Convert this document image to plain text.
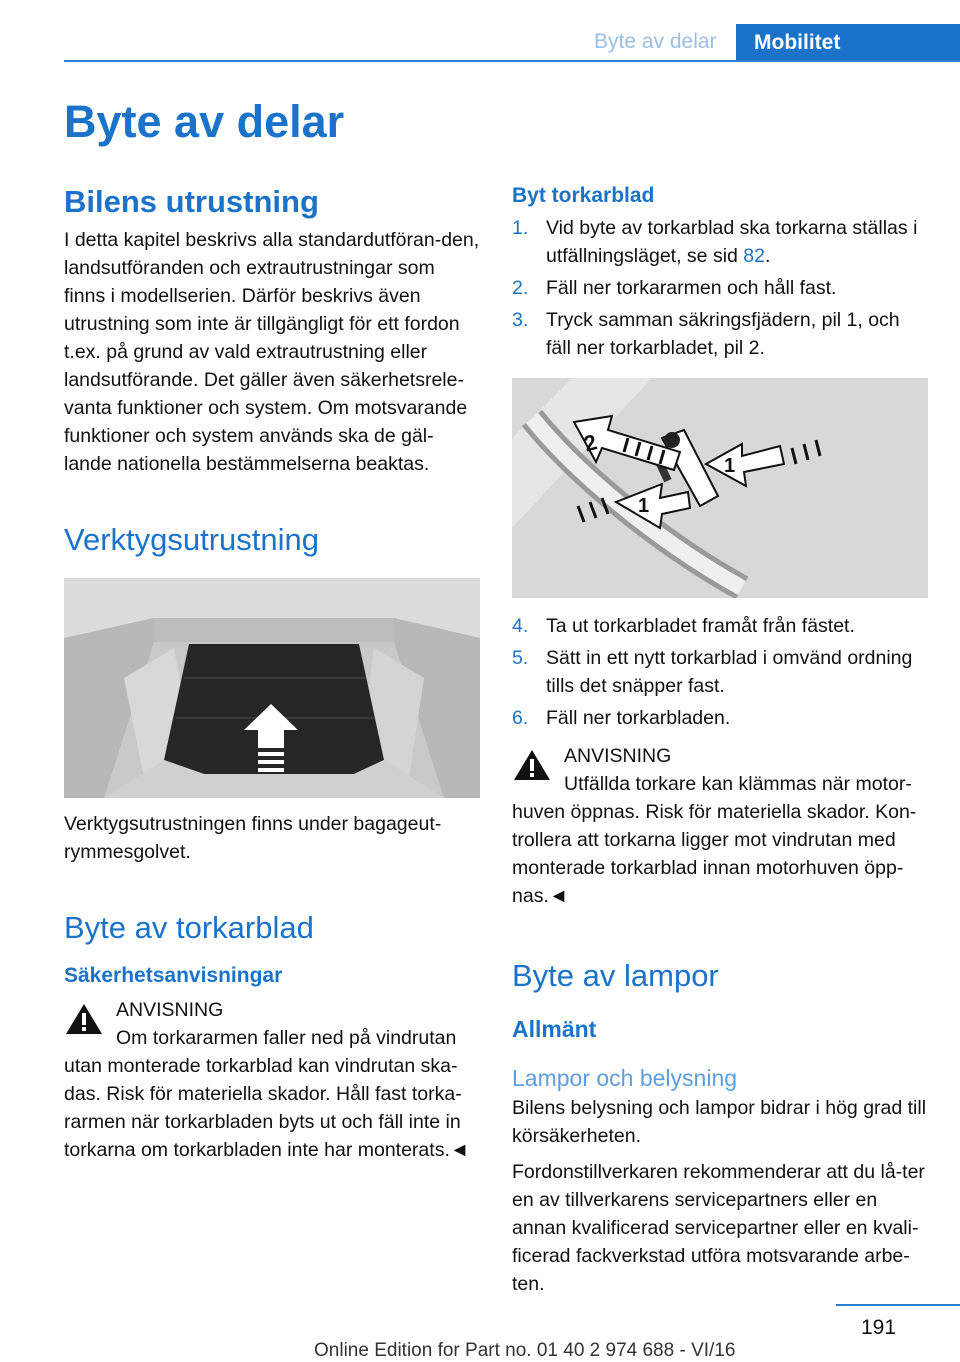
Byte av delar	Mobilitet
Byte av delar
Bilens utrustning

I detta kapitel beskrivs alla standardutföran-den, landsutföranden och extrautrustningar som finns i modellserien. Därför beskrivs även utrustning som inte är tillgängligt för ett fordon t.ex. på grund av vald extrautrustning eller landsutförande. Det gäller även säkerhetsrele-vanta funktioner och system. Om motsvarande funktioner och system används ska de gäl-lande nationella bestämmelserna beaktas.

Verktygsutrustning

Verktygsutrustningen finns under bagageut-rymmesgolvet.

Byte av torkarblad
Säkerhetsanvisningar
ANVISNING
Om torkararmen faller ned på vindrutan utan monterade torkarblad kan vindrutan ska-das. Risk för materiella skador. Håll fast torka-rarmen när torkarbladen byts ut och fäll inte in torkarna om torkarbladen inte har monterats.◄
Byt torkarblad
1. Vid byte av torkarblad ska torkarna ställas i utfällningsläget, se sid 82.
2. Fäll ner torkararmen och håll fast.
3. Tryck samman säkringsfjädern, pil 1, och fäll ner torkarbladet, pil 2.
2
1
1
4. Ta ut torkarbladet framåt från fästet.
5. Sätt in ett nytt torkarblad i omvänd ordning tills det snäpper fast.
6. Fäll ner torkarbladen.
ANVISNING
Utfällda torkare kan klämmas när motor- huven öppnas. Risk för materiella skador. Kon-trollera att torkarna ligger mot vindrutan med monterade torkarblad innan motorhuven öpp-nas.◄
Byte av lampor
Allmänt
Lampor och belysning

Bilens belysning och lampor bidrar i hög grad till körsäkerheten.

Fordonstillverkaren rekommenderar att du lå-ter en av tillverkarens servicepartners eller en annan kvalificerad servicepartner eller en kvali-ficerad fackverkstad utföra motsvarande arbe-ten.

191
Online Edition for Part no. 01 40 2 974 688 - VI/16
